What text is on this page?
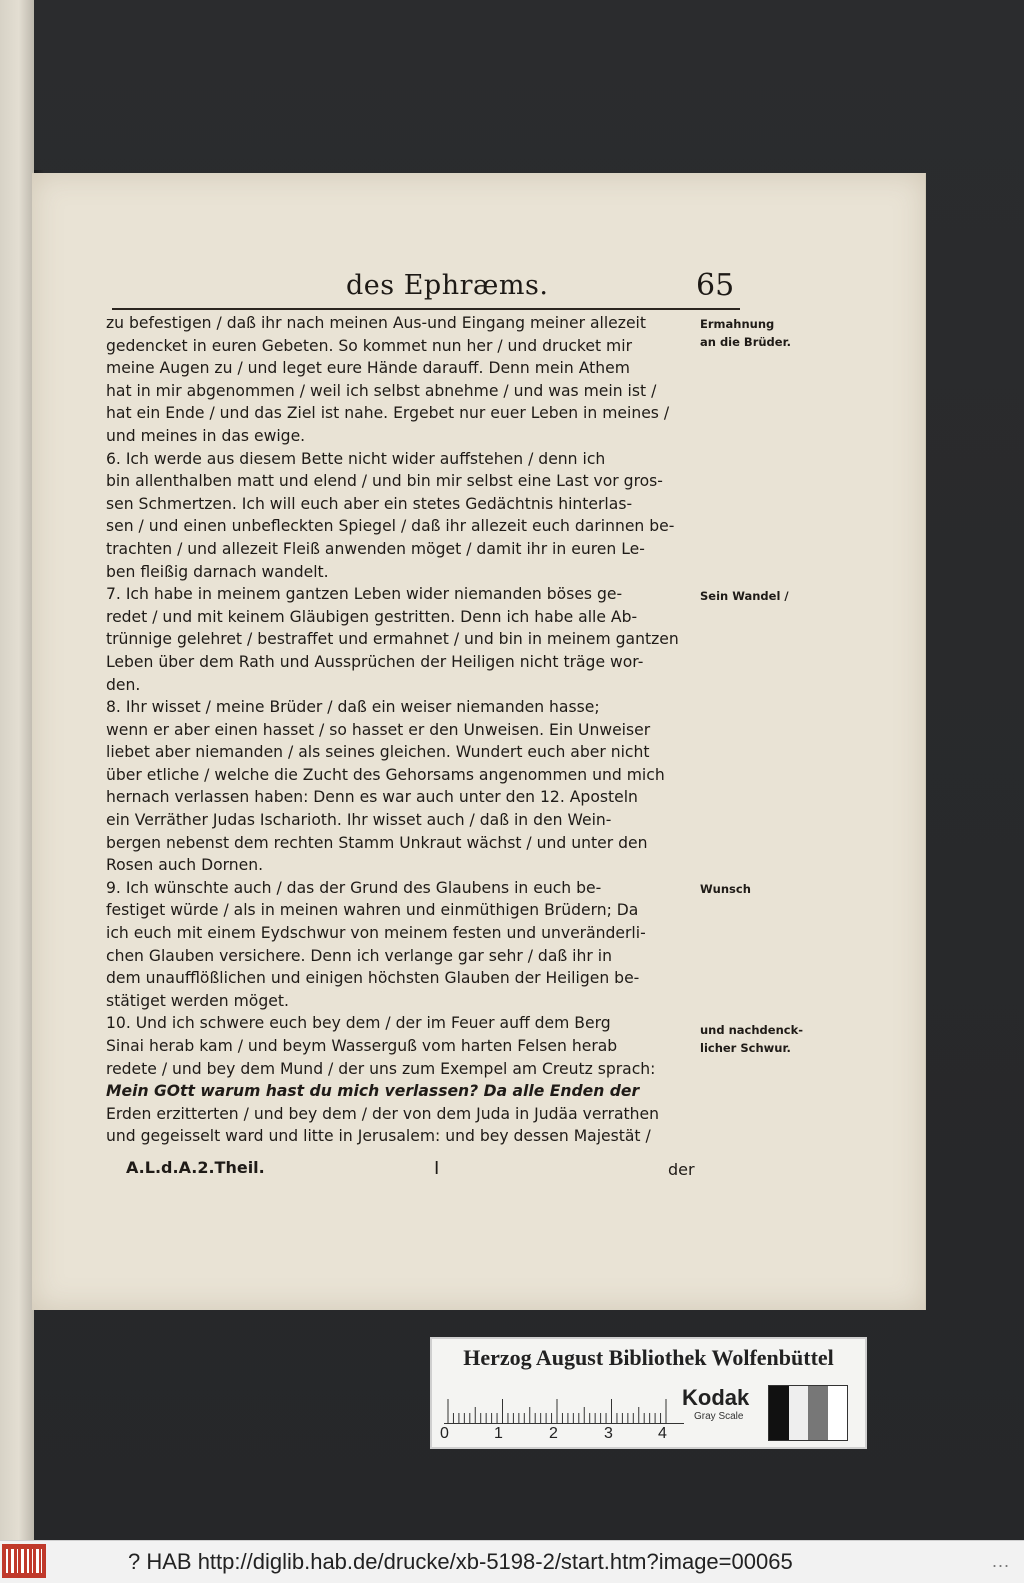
des Ephræms.	65
zu befestigen / daß ihr nach meinen Aus-und Eingang meiner allezeit
gedencket in euren Gebeten. So kommet nun her / und drucket mir
meine Augen zu / und leget eure Hände darauff. Denn mein Athem
hat in mir abgenommen / weil ich selbst abnehme / und was mein ist /
hat ein Ende / und das Ziel ist nahe. Ergebet nur euer Leben in meines /
und meines in das ewige.
6. Ich werde aus diesem Bette nicht wider auffstehen / denn ich
bin allenthalben matt und elend / und bin mir selbst eine Last vor gros-
sen Schmertzen. Ich will euch aber ein stetes Gedächtnis hinterlas-
sen / und einen unbefleckten Spiegel / daß ihr allezeit euch darinnen be-
trachten / und allezeit Fleiß anwenden möget / damit ihr in euren Le-
ben fleißig darnach wandelt.
7. Ich habe in meinem gantzen Leben wider niemanden böses ge-
redet / und mit keinem Gläubigen gestritten. Denn ich habe alle Ab-
trünnige gelehret / bestraffet und ermahnet / und bin in meinem gantzen
Leben über dem Rath und Aussprüchen der Heiligen nicht träge wor-
den.
8. Ihr wisset / meine Brüder / daß ein weiser niemanden hasse;
wenn er aber einen hasset / so hasset er den Unweisen. Ein Unweiser
liebet aber niemanden / als seines gleichen. Wundert euch aber nicht
über etliche / welche die Zucht des Gehorsams angenommen und mich
hernach verlassen haben: Denn es war auch unter den 12. Aposteln
ein Verräther Judas Ischarioth. Ihr wisset auch / daß in den Wein-
bergen nebenst dem rechten Stamm Unkraut wächst / und unter den
Rosen auch Dornen.
9. Ich wünschte auch / das der Grund des Glaubens in euch be-
festiget würde / als in meinen wahren und einmüthigen Brüdern; Da
ich euch mit einem Eydschwur von meinem festen und unveränderli-
chen Glauben versichere. Denn ich verlange gar sehr / daß ihr in
dem unaufflößlichen und einigen höchsten Glauben der Heiligen be-
stätiget werden möget.
10. Und ich schwere euch bey dem / der im Feuer auff dem Berg
Sinai herab kam / und beym Wasserguß vom harten Felsen herab
redete / und bey dem Mund / der uns zum Exempel am Creutz sprach:
Mein GOtt warum hast du mich verlassen? Da alle Enden der
Erden erzitterten / und bey dem / der von dem Juda in Judäa verrathen
und gegeisselt ward und litte in Jerusalem: und bey dessen Majestät /
Ermahnung
an die Brüder.
Sein Wandel /
Wunsch
und nachdenck-
licher Schwur.
A.L.d.A.2.Theil.	I	der
Herzog August Bibliothek Wolfenbüttel
0	1	2	3	4
Kodak
Gray Scale
? HAB http://diglib.hab.de/drucke/xb-5198-2/start.htm?image=00065	...
